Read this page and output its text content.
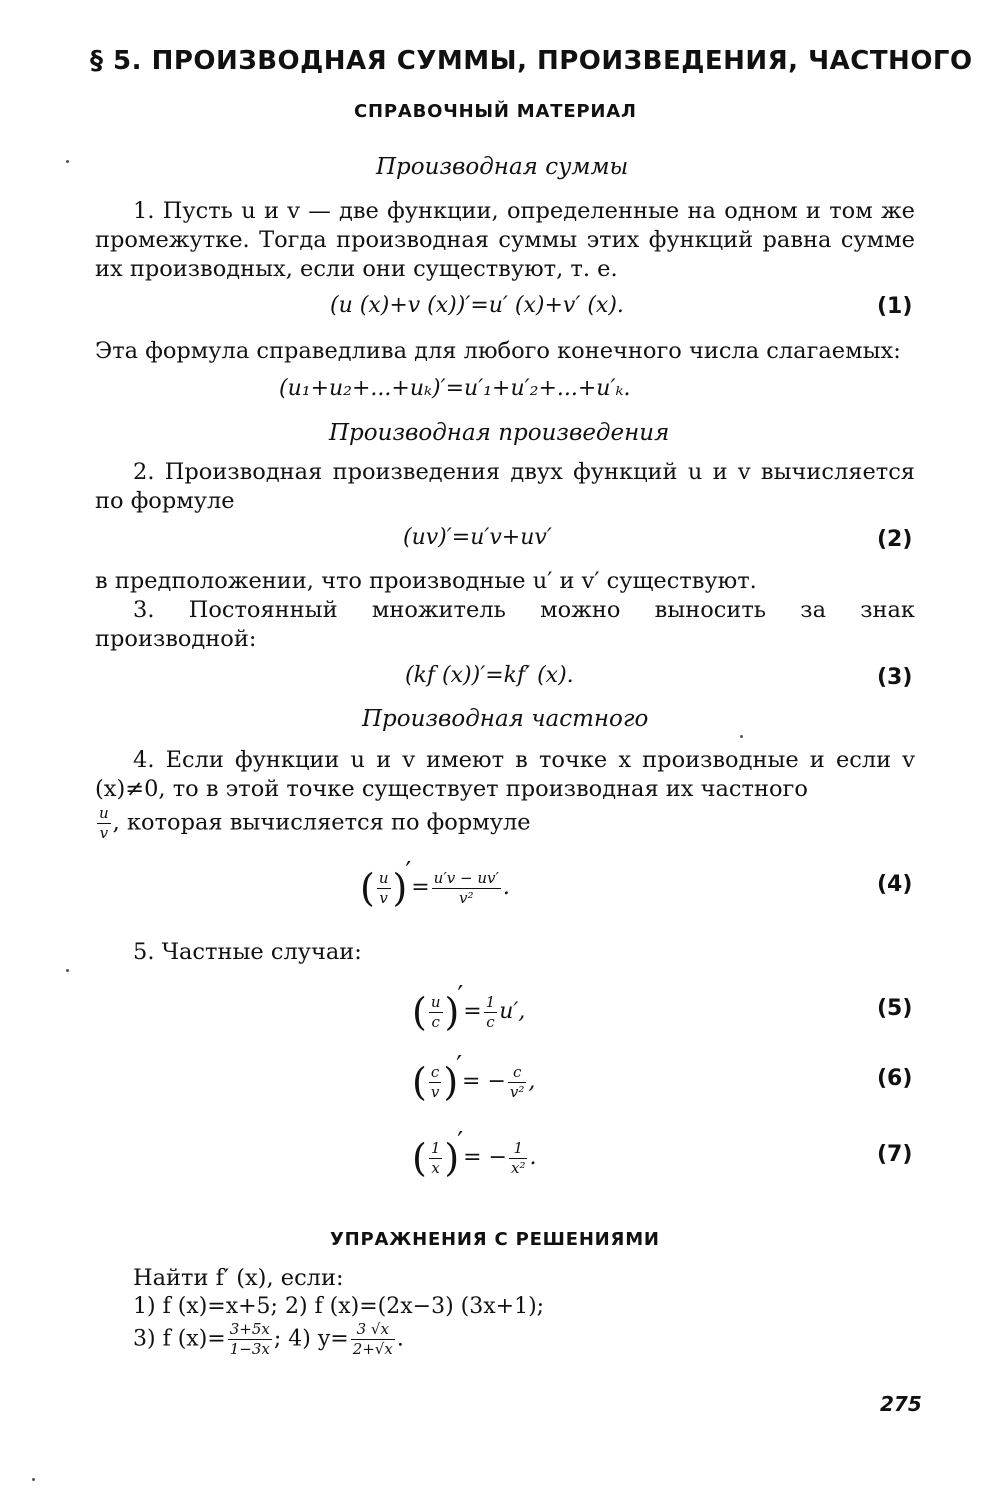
§ 5. ПРОИЗВОДНАЯ СУММЫ, ПРОИЗВЕДЕНИЯ, ЧАСТНОГО
СПРАВОЧНЫЙ МАТЕРИАЛ
Производная суммы
1. Пусть u и v — две функции, определенные на одном и том же промежутке. Тогда производная суммы этих функций равна сумме их производных, если они существуют, т. е.
(u (x)+v (x))′=u′ (x)+v′ (x).	(1)
Эта формула справедлива для любого конечного числа слагаемых:
(u₁+u₂+...+uₖ)′=u′₁+u′₂+...+u′ₖ.
Производная произведения
2. Производная произведения двух функций u и v вычисляется по формуле
(uv)′=u′v+uv′	(2)
в предположении, что производные u′ и v′ существуют.
3. Постоянный множитель можно выносить за знак производной:
(kf (x))′=kf′ (x).	(3)
Производная частного
4. Если функции u и v имеют в точке x производные и если v (x)≠0, то в этой точке существует производная их частного
$\frac{u}{v}$ , которая вычисляется по формуле
( $\frac{u}{v}$ )′= $\frac{u'v - uv'}{\text{v²}}$ .	(4)
5. Частные случаи:
( $\frac{u}{c}$ )′= $\frac{1}{c} u'$,	(5)
( $\frac{c}{v}$ )′= − $\frac{c}{\text{v²}}$ ,	(6)
( $\frac{1}{x}$ )′= − $\frac{1}{\text{x²}}$ .	(7)
УПРАЖНЕНИЯ С РЕШЕНИЯМИ
Найти f′ (x), если:
1) f (x)=x+5; 2) f (x)=(2x−3) (3x+1);
3) f $(x)= \frac{3+5x}{1-3x}$ ; 4) $y= \frac{3 √x}{2+√x}$ .
275
